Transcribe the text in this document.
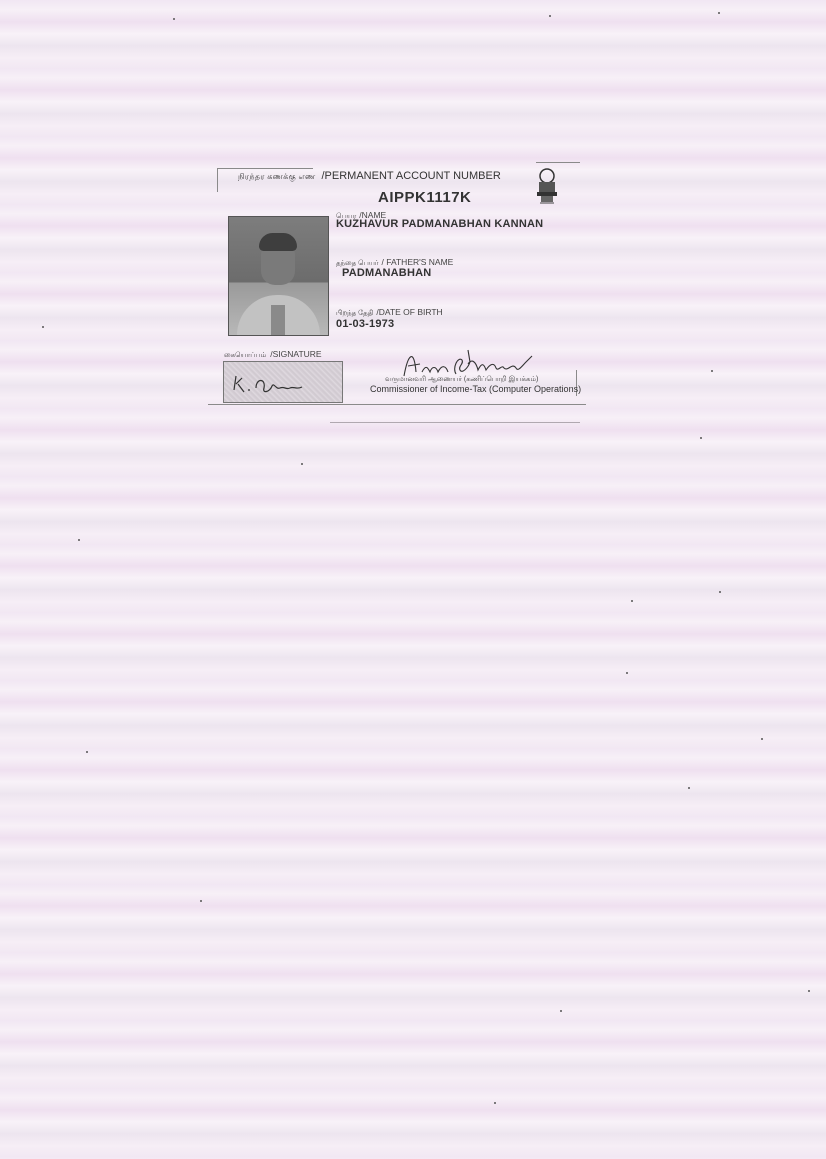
நிரந்தர கணக்கு எண /PERMANENT ACCOUNT NUMBER
AIPPK1117K
பெயர /NAME
KUZHAVUR PADMANABHAN KANNAN
தந்தை பெயர் / FATHER'S NAME
PADMANABHAN
பிறந்த தேதி /DATE OF BIRTH
01-03-1973
கையொப்பம் /SIGNATURE
வருமானவரி ஆணையர் (கணிப்பொறி இயக்கம்)
Commissioner of Income-Tax (Computer Operations)
